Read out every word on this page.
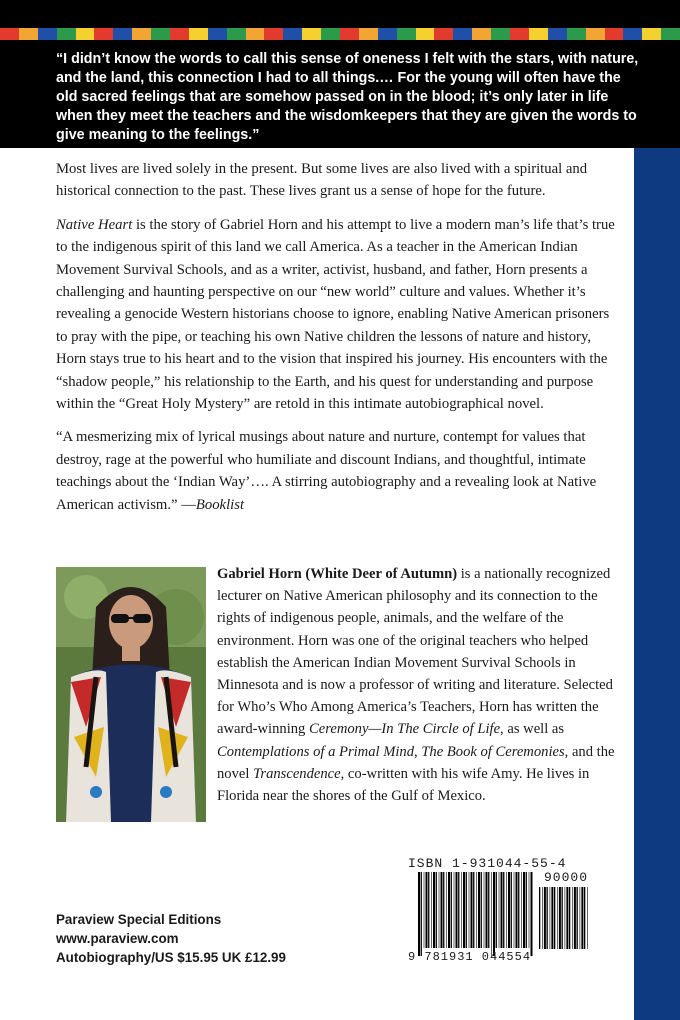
“I didn’t know the words to call this sense of oneness I felt with the stars, with nature, and the land, this connection I had to all things.… For the young will often have the old sacred feelings that are somehow passed on in the blood; it’s only later in life when they meet the teachers and the wisdomkeepers that they are given the words to give meaning to the feelings.”

Most lives are lived solely in the present. But some lives are also lived with a spiritual and historical connection to the past. These lives grant us a sense of hope for the future.

Native Heart is the story of Gabriel Horn and his attempt to live a modern man’s life that’s true to the indigenous spirit of this land we call America. As a teacher in the American Indian Movement Survival Schools, and as a writer, activist, husband, and father, Horn presents a challenging and haunting perspective on our “new world” culture and values. Whether it’s revealing a genocide Western historians choose to ignore, enabling Native American prisoners to pray with the pipe, or teaching his own Native children the lessons of nature and history, Horn stays true to his heart and to the vision that inspired his journey. His encounters with the “shadow people,” his relationship to the Earth, and his quest for understanding and purpose within the “Great Holy Mystery” are retold in this intimate autobiographical novel.

“A mesmerizing mix of lyrical musings about nature and nurture, contempt for values that destroy, rage at the powerful who humiliate and discount Indians, and thoughtful, intimate teachings about the ‘Indian Way’…. A stirring autobiography and a revealing look at Native American activism.” —Booklist

Gabriel Horn (White Deer of Autumn) is a nationally recognized lecturer on Native American philosophy and its connection to the rights of indigenous people, animals, and the welfare of the environment. Horn was one of the original teachers who helped establish the American Indian Movement Survival Schools in Minnesota and is now a professor of writing and literature. Selected for Who’s Who Among America’s Teachers, Horn has written the award-winning Ceremony—In The Circle of Life, as well as Contemplations of a Primal Mind, The Book of Ceremonies, and the novel Transcendence, co-written with his wife Amy. He lives in Florida near the shores of the Gulf of Mexico.

Paraview Special Editions
www.paraview.com
Autobiography/US $15.95 UK £12.99
ISBN 1-931044-55-4
90000
9 781931 044554
